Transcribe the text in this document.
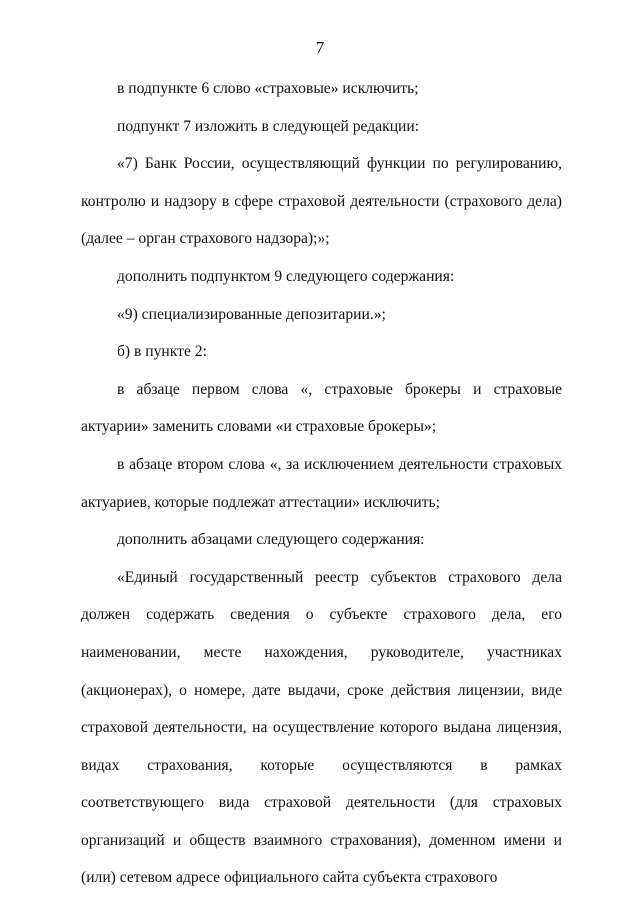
7

в подпункте 6 слово «страховые» исключить;

подпункт 7 изложить в следующей редакции:

«7) Банк России, осуществляющий функции по регулированию, контролю и надзору в сфере страховой деятельности (страхового дела) (далее – орган страхового надзора);»;

дополнить подпунктом 9 следующего содержания:

«9) специализированные депозитарии.»;

б) в пункте 2:

в абзаце первом слова «, страховые брокеры и страховые актуарии» заменить словами «и страховые брокеры»;

в абзаце втором слова «, за исключением деятельности страховых актуариев, которые подлежат аттестации» исключить;

дополнить абзацами следующего содержания:

«Единый государственный реестр субъектов страхового дела должен содержать сведения о субъекте страхового дела, его наименовании, месте нахождения, руководителе, участниках (акционерах), о номере, дате выдачи, сроке действия лицензии, виде страховой деятельности, на осуществление которого выдана лицензия, видах страхования, которые осуществляются в рамках соответствующего вида страховой деятельности (для страховых организаций и обществ взаимного страхования), доменном имени и (или) сетевом адресе официального сайта субъекта страхового
